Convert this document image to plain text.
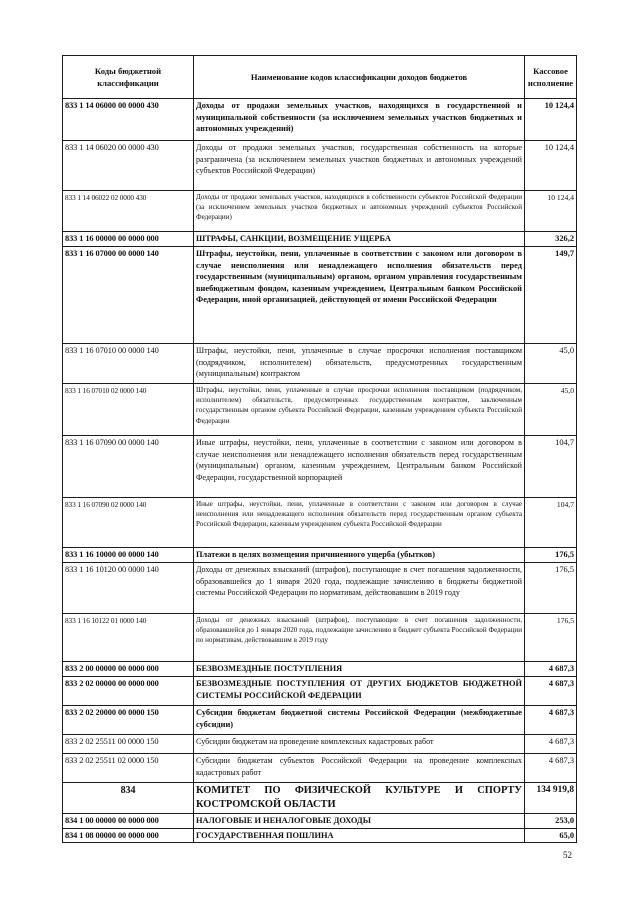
Коды бюджетной классификации	Наименование кодов классификации доходов бюджетов	Кассовое исполнение
833 1 14 06000 00 0000 430	Доходы от продажи земельных участков, находящихся в государственной и муниципальной собственности (за исключением земельных участков бюджетных и автономных учреждений)	10 124,4
833 1 14 06020 00 0000 430	Доходы от продажи земельных участков, государственная собственность на которые разграничена (за исключением земельных участков бюджетных и автономных учреждений субъектов Российской Федерации)	10 124,4
833 1 14 06022 02 0000 430	Доходы от продажи земельных участков, находящихся в собственности субъектов Российской Федерации (за исключением земельных участков бюджетных и автономных учреждений субъектов Российской Федерации)	10 124,4
833 1 16 00000 00 0000 000	ШТРАФЫ, САНКЦИИ, ВОЗМЕЩЕНИЕ УЩЕРБА	326,2
833 1 16 07000 00 0000 140	Штрафы, неустойки, пени, уплаченные в соответствии с законом или договором в случае неисполнения или ненадлежащего исполнения обязательств перед государственным (муниципальным) органом, органом управления государственным внебюджетным фондом, казенным учреждением, Центральным банком Российской Федерации, иной организацией, действующей от имени Российской Федерации	149,7
833 1 16 07010 00 0000 140	Штрафы, неустойки, пени, уплаченные в случае просрочки исполнения поставщиком (подрядчиком, исполнителем) обязательств, предусмотренных государственным (муниципальным) контрактом	45,0
833 1 16 07010 02 0000 140	Штрафы, неустойки, пени, уплаченные в случае просрочки исполнения поставщиком (подрядчиком, исполнителем) обязательств, предусмотренных государственным контрактом, заключенным государственным органом субъекта Российской Федерации, казенным учреждением субъекта Российской Федерации	45,0
833 1 16 07090 00 0000 140	Иные штрафы, неустойки, пени, уплаченные в соответствии с законом или договором в случае неисполнения или ненадлежащего исполнения обязательств перед государственным (муниципальным) органом, казенным учреждением, Центральным банком Российской Федерации, государственной корпорацией	104,7
833 1 16 07090 02 0000 140	Иные штрафы, неустойки, пени, уплаченные в соответствии с законом или договором в случае неисполнения или ненадлежащего исполнения обязательств перед государственным органом субъекта Российской Федерации, казенным учреждением субъекта Российской Федерации	104,7
833 1 16 10000 00 0000 140	Платежи в целях возмещения причиненного ущерба (убытков)	176,5
833 1 16 10120 00 0000 140	Доходы от денежных взысканий (штрафов), поступающие в счет погашения задолженности, образовавшейся до 1 января 2020 года, подлежащие зачислению в бюджеты бюджетной системы Российской Федерации по нормативам, действовавшим в 2019 году	176,5
833 1 16 10122 01 0000 140	Доходы от денежных взысканий (штрафов), поступающие в счет погашения задолженности, образовавшейся до 1 января 2020 года, подлежащие зачислению в бюджет субъекта Российской Федерации по нормативам, действовавшим в 2019 году	176,5
833 2 00 00000 00 0000 000	БЕЗВОЗМЕЗДНЫЕ ПОСТУПЛЕНИЯ	4 687,3
833 2 02 00000 00 0000 000	БЕЗВОЗМЕЗДНЫЕ ПОСТУПЛЕНИЯ ОТ ДРУГИХ БЮДЖЕТОВ БЮДЖЕТНОЙ СИСТЕМЫ РОССИЙСКОЙ ФЕДЕРАЦИИ	4 687,3
833 2 02 20000 00 0000 150	Субсидии бюджетам бюджетной системы Российской Федерации (межбюджетные субсидии)	4 687,3
833 2 02 25511 00 0000 150	Субсидии бюджетам на проведение комплексных кадастровых работ	4 687,3
833 2 02 25511 02 0000 150	Субсидии бюджетам субъектов Российской Федерации на проведение комплексных кадастровых работ	4 687,3
834	КОМИТЕТ ПО ФИЗИЧЕСКОЙ КУЛЬТУРЕ И СПОРТУ КОСТРОМСКОЙ ОБЛАСТИ	134 919,8
834 1 00 00000 00 0000 000	НАЛОГОВЫЕ И НЕНАЛОГОВЫЕ ДОХОДЫ	253,0
834 1 08 00000 00 0000 000	ГОСУДАРСТВЕННАЯ ПОШЛИНА	65,0
52
